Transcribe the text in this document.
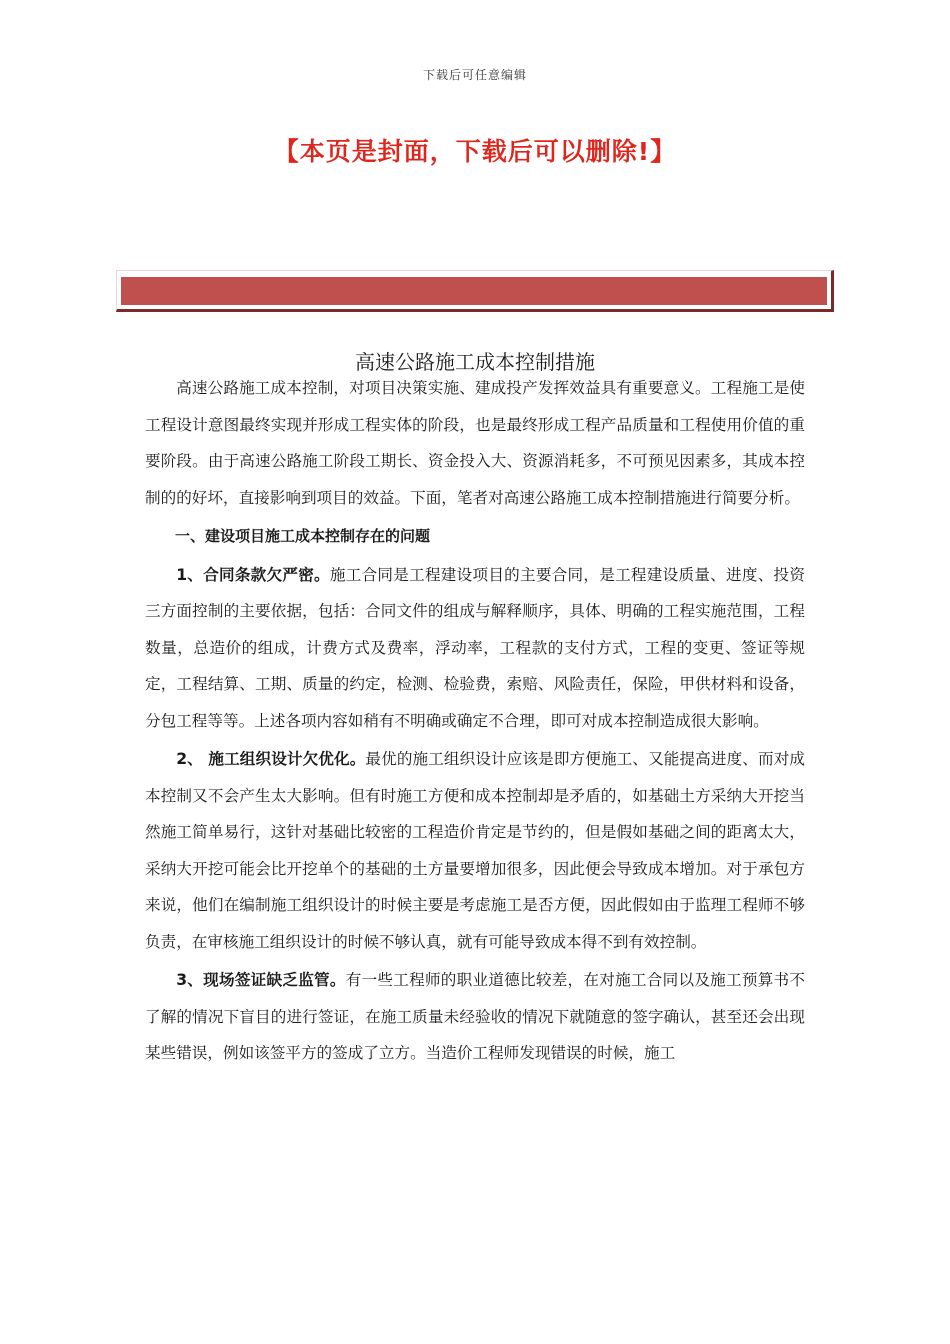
下载后可任意编辑
【本页是封面，下载后可以删除!】
高速公路施工成本控制措施

高速公路施工成本控制，对项目决策实施、建成投产发挥效益具有重要意义。工程施工是使工程设计意图最终实现并形成工程实体的阶段，也是最终形成工程产品质量和工程使用价值的重要阶段。由于高速公路施工阶段工期长、资金投入大、资源消耗多，不可预见因素多，其成本控制的的好坏，直接影响到项目的效益。下面，笔者对高速公路施工成本控制措施进行简要分析。

一、建设项目施工成本控制存在的问题

1、合同条款欠严密。施工合同是工程建设项目的主要合同，是工程建设质量、进度、投资三方面控制的主要依据，包括：合同文件的组成与解释顺序，具体、明确的工程实施范围，工程数量，总造价的组成，计费方式及费率，浮动率，工程款的支付方式，工程的变更、签证等规定，工程结算、工期、质量的约定，检测、检验费，索赔、风险责任，保险，甲供材料和设备，分包工程等等。上述各项内容如稍有不明确或确定不合理，即可对成本控制造成很大影响。

2、 施工组织设计欠优化。最优的施工组织设计应该是即方便施工、又能提高进度、而对成本控制又不会产生太大影响。但有时施工方便和成本控制却是矛盾的，如基础土方采纳大开挖当然施工简单易行，这针对基础比较密的工程造价肯定是节约的，但是假如基础之间的距离太大，采纳大开挖可能会比开挖单个的基础的土方量要增加很多，因此便会导致成本增加。对于承包方来说，他们在编制施工组织设计的时候主要是考虑施工是否方便，因此假如由于监理工程师不够负责，在审核施工组织设计的时候不够认真，就有可能导致成本得不到有效控制。

3、现场签证缺乏监管。有一些工程师的职业道德比较差，在对施工合同以及施工预算书不了解的情况下盲目的进行签证，在施工质量未经验收的情况下就随意的签字确认，甚至还会出现某些错误，例如该签平方的签成了立方。当造价工程师发现错误的时候，施工
